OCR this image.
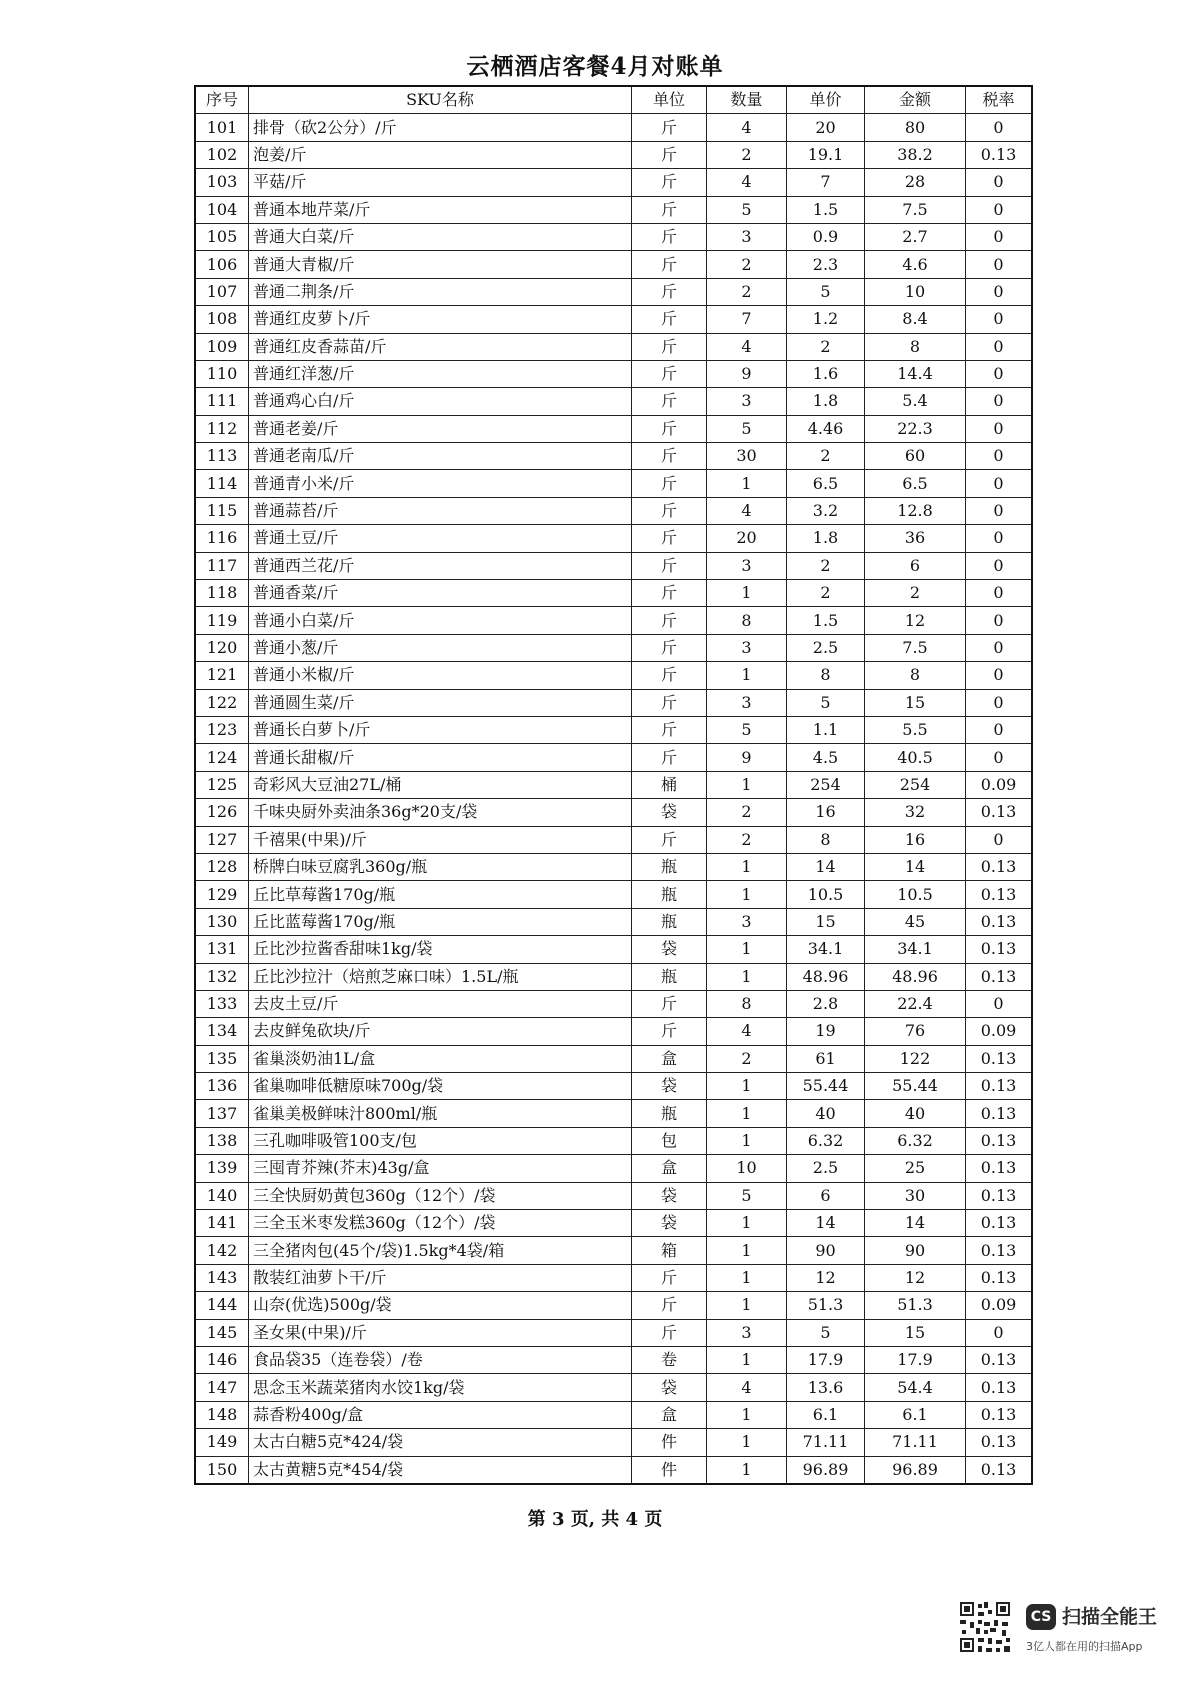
云栖酒店客餐4月对账单
序号	SKU名称	单位	数量	单价	金额	税率
101	排骨（砍2公分）/斤	斤	4	20	80	0
102	泡姜/斤	斤	2	19.1	38.2	0.13
103	平菇/斤	斤	4	7	28	0
104	普通本地芹菜/斤	斤	5	1.5	7.5	0
105	普通大白菜/斤	斤	3	0.9	2.7	0
106	普通大青椒/斤	斤	2	2.3	4.6	0
107	普通二荆条/斤	斤	2	5	10	0
108	普通红皮萝卜/斤	斤	7	1.2	8.4	0
109	普通红皮香蒜苗/斤	斤	4	2	8	0
110	普通红洋葱/斤	斤	9	1.6	14.4	0
111	普通鸡心白/斤	斤	3	1.8	5.4	0
112	普通老姜/斤	斤	5	4.46	22.3	0
113	普通老南瓜/斤	斤	30	2	60	0
114	普通青小米/斤	斤	1	6.5	6.5	0
115	普通蒜苔/斤	斤	4	3.2	12.8	0
116	普通土豆/斤	斤	20	1.8	36	0
117	普通西兰花/斤	斤	3	2	6	0
118	普通香菜/斤	斤	1	2	2	0
119	普通小白菜/斤	斤	8	1.5	12	0
120	普通小葱/斤	斤	3	2.5	7.5	0
121	普通小米椒/斤	斤	1	8	8	0
122	普通圆生菜/斤	斤	3	5	15	0
123	普通长白萝卜/斤	斤	5	1.1	5.5	0
124	普通长甜椒/斤	斤	9	4.5	40.5	0
125	奇彩风大豆油27L/桶	桶	1	254	254	0.09
126	千味央厨外卖油条36g*20支/袋	袋	2	16	32	0.13
127	千禧果(中果)/斤	斤	2	8	16	0
128	桥牌白味豆腐乳360g/瓶	瓶	1	14	14	0.13
129	丘比草莓酱170g/瓶	瓶	1	10.5	10.5	0.13
130	丘比蓝莓酱170g/瓶	瓶	3	15	45	0.13
131	丘比沙拉酱香甜味1kg/袋	袋	1	34.1	34.1	0.13
132	丘比沙拉汁（焙煎芝麻口味）1.5L/瓶	瓶	1	48.96	48.96	0.13
133	去皮土豆/斤	斤	8	2.8	22.4	0
134	去皮鲜兔砍块/斤	斤	4	19	76	0.09
135	雀巢淡奶油1L/盒	盒	2	61	122	0.13
136	雀巢咖啡低糖原味700g/袋	袋	1	55.44	55.44	0.13
137	雀巢美极鲜味汁800ml/瓶	瓶	1	40	40	0.13
138	三孔咖啡吸管100支/包	包	1	6.32	6.32	0.13
139	三囤青芥辣(芥末)43g/盒	盒	10	2.5	25	0.13
140	三全快厨奶黄包360g（12个）/袋	袋	5	6	30	0.13
141	三全玉米枣发糕360g（12个）/袋	袋	1	14	14	0.13
142	三全猪肉包(45个/袋)1.5kg*4袋/箱	箱	1	90	90	0.13
143	散装红油萝卜干/斤	斤	1	12	12	0.13
144	山奈(优选)500g/袋	斤	1	51.3	51.3	0.09
145	圣女果(中果)/斤	斤	3	5	15	0
146	食品袋35（连卷袋）/卷	卷	1	17.9	17.9	0.13
147	思念玉米蔬菜猪肉水饺1kg/袋	袋	4	13.6	54.4	0.13
148	蒜香粉400g/盒	盒	1	6.1	6.1	0.13
149	太古白糖5克*424/袋	件	1	71.11	71.11	0.13
150	太古黄糖5克*454/袋	件	1	96.89	96.89	0.13
第 3 页, 共 4 页
CS 扫描全能王
3亿人都在用的扫描App
